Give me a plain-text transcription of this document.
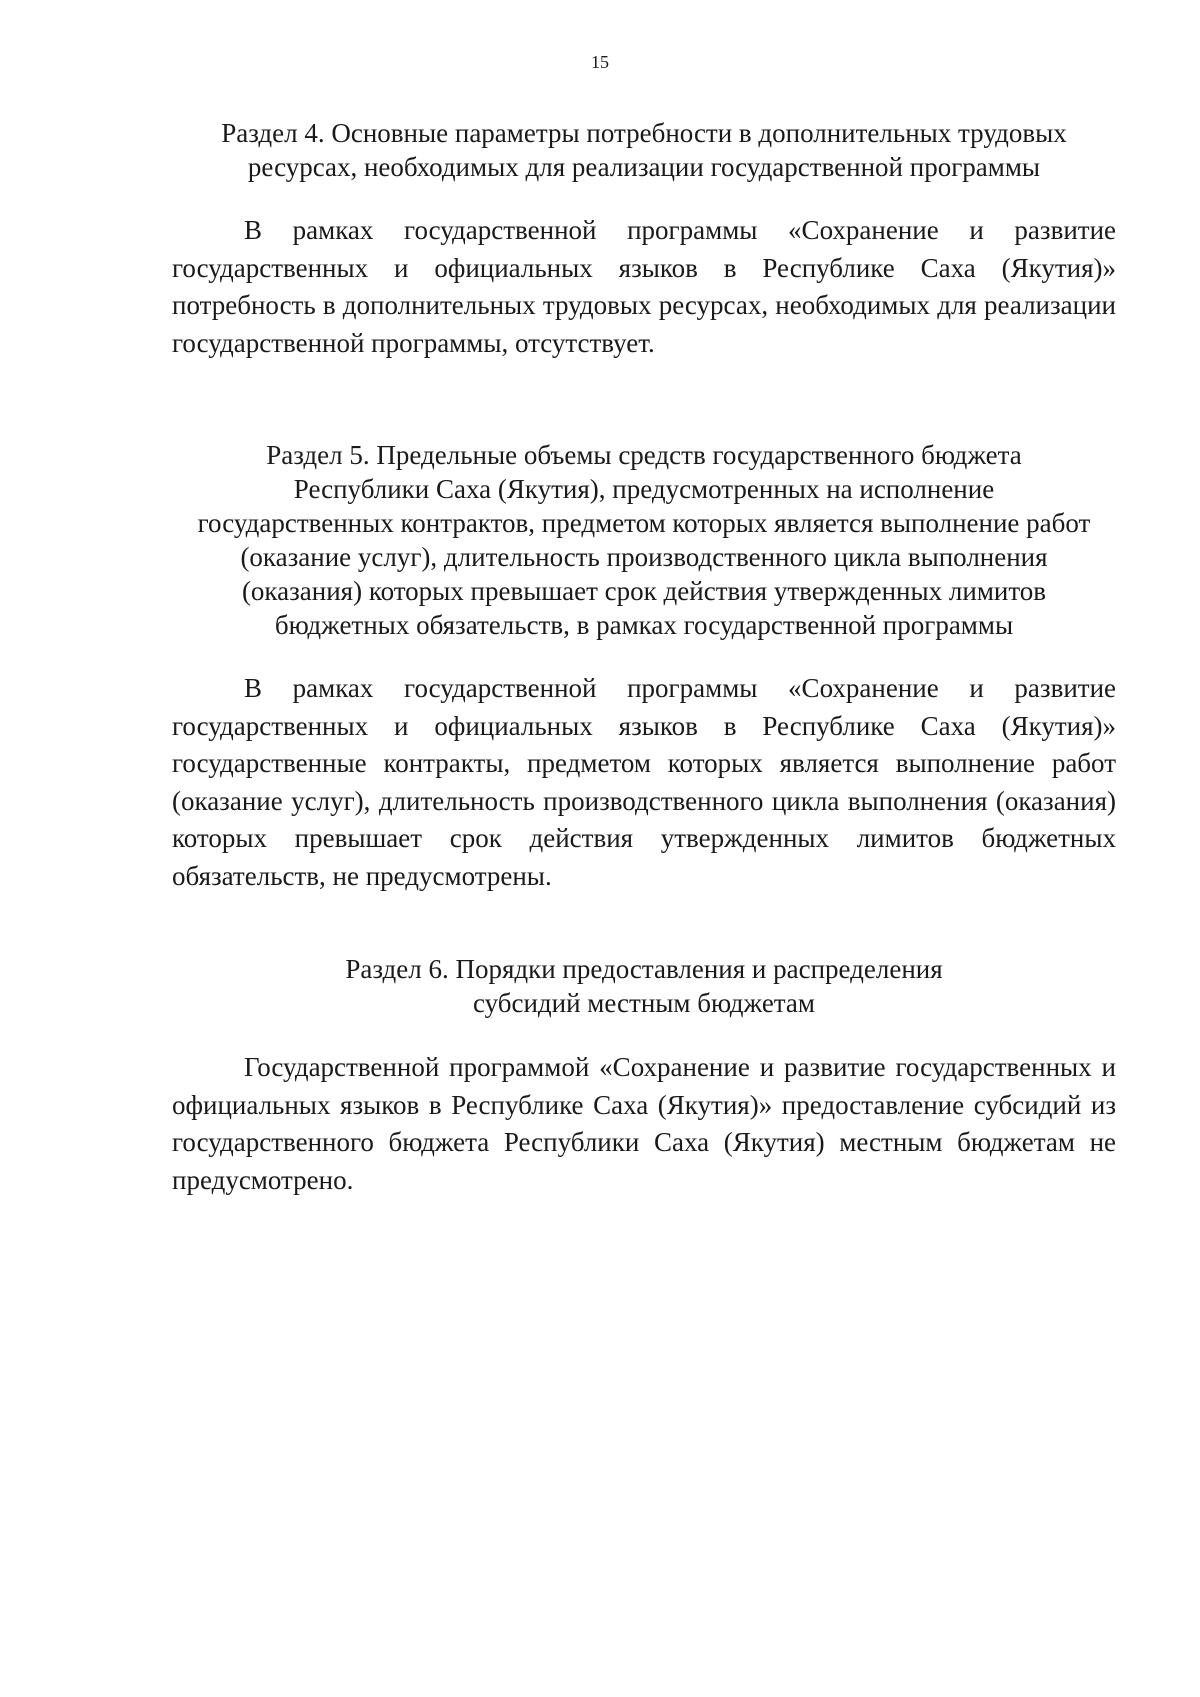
15
Раздел 4. Основные параметры потребности в дополнительных трудовых
ресурсах, необходимых для реализации государственной программы

В рамках государственной программы «Сохранение и развитие государственных и официальных языков в Республике Саха (Якутия)» потребность в дополнительных трудовых ресурсах, необходимых для реализации государственной программы, отсутствует.

Раздел 5. Предельные объемы средств государственного бюджета
Республики Саха (Якутия), предусмотренных на исполнение
государственных контрактов, предметом которых является выполнение работ
(оказание услуг), длительность производственного цикла выполнения
(оказания) которых превышает срок действия утвержденных лимитов
бюджетных обязательств, в рамках государственной программы

В рамках государственной программы «Сохранение и развитие государственных и официальных языков в Республике Саха (Якутия)» государственные контракты, предметом которых является выполнение работ (оказание услуг), длительность производственного цикла выполнения (оказания) которых превышает срок действия утвержденных лимитов бюджетных обязательств, не предусмотрены.

Раздел 6. Порядки предоставления и распределения
субсидий местным бюджетам

Государственной программой «Сохранение и развитие государственных и официальных языков в Республике Саха (Якутия)» предоставление субсидий из государственного бюджета Республики Саха (Якутия) местным бюджетам не предусмотрено.
